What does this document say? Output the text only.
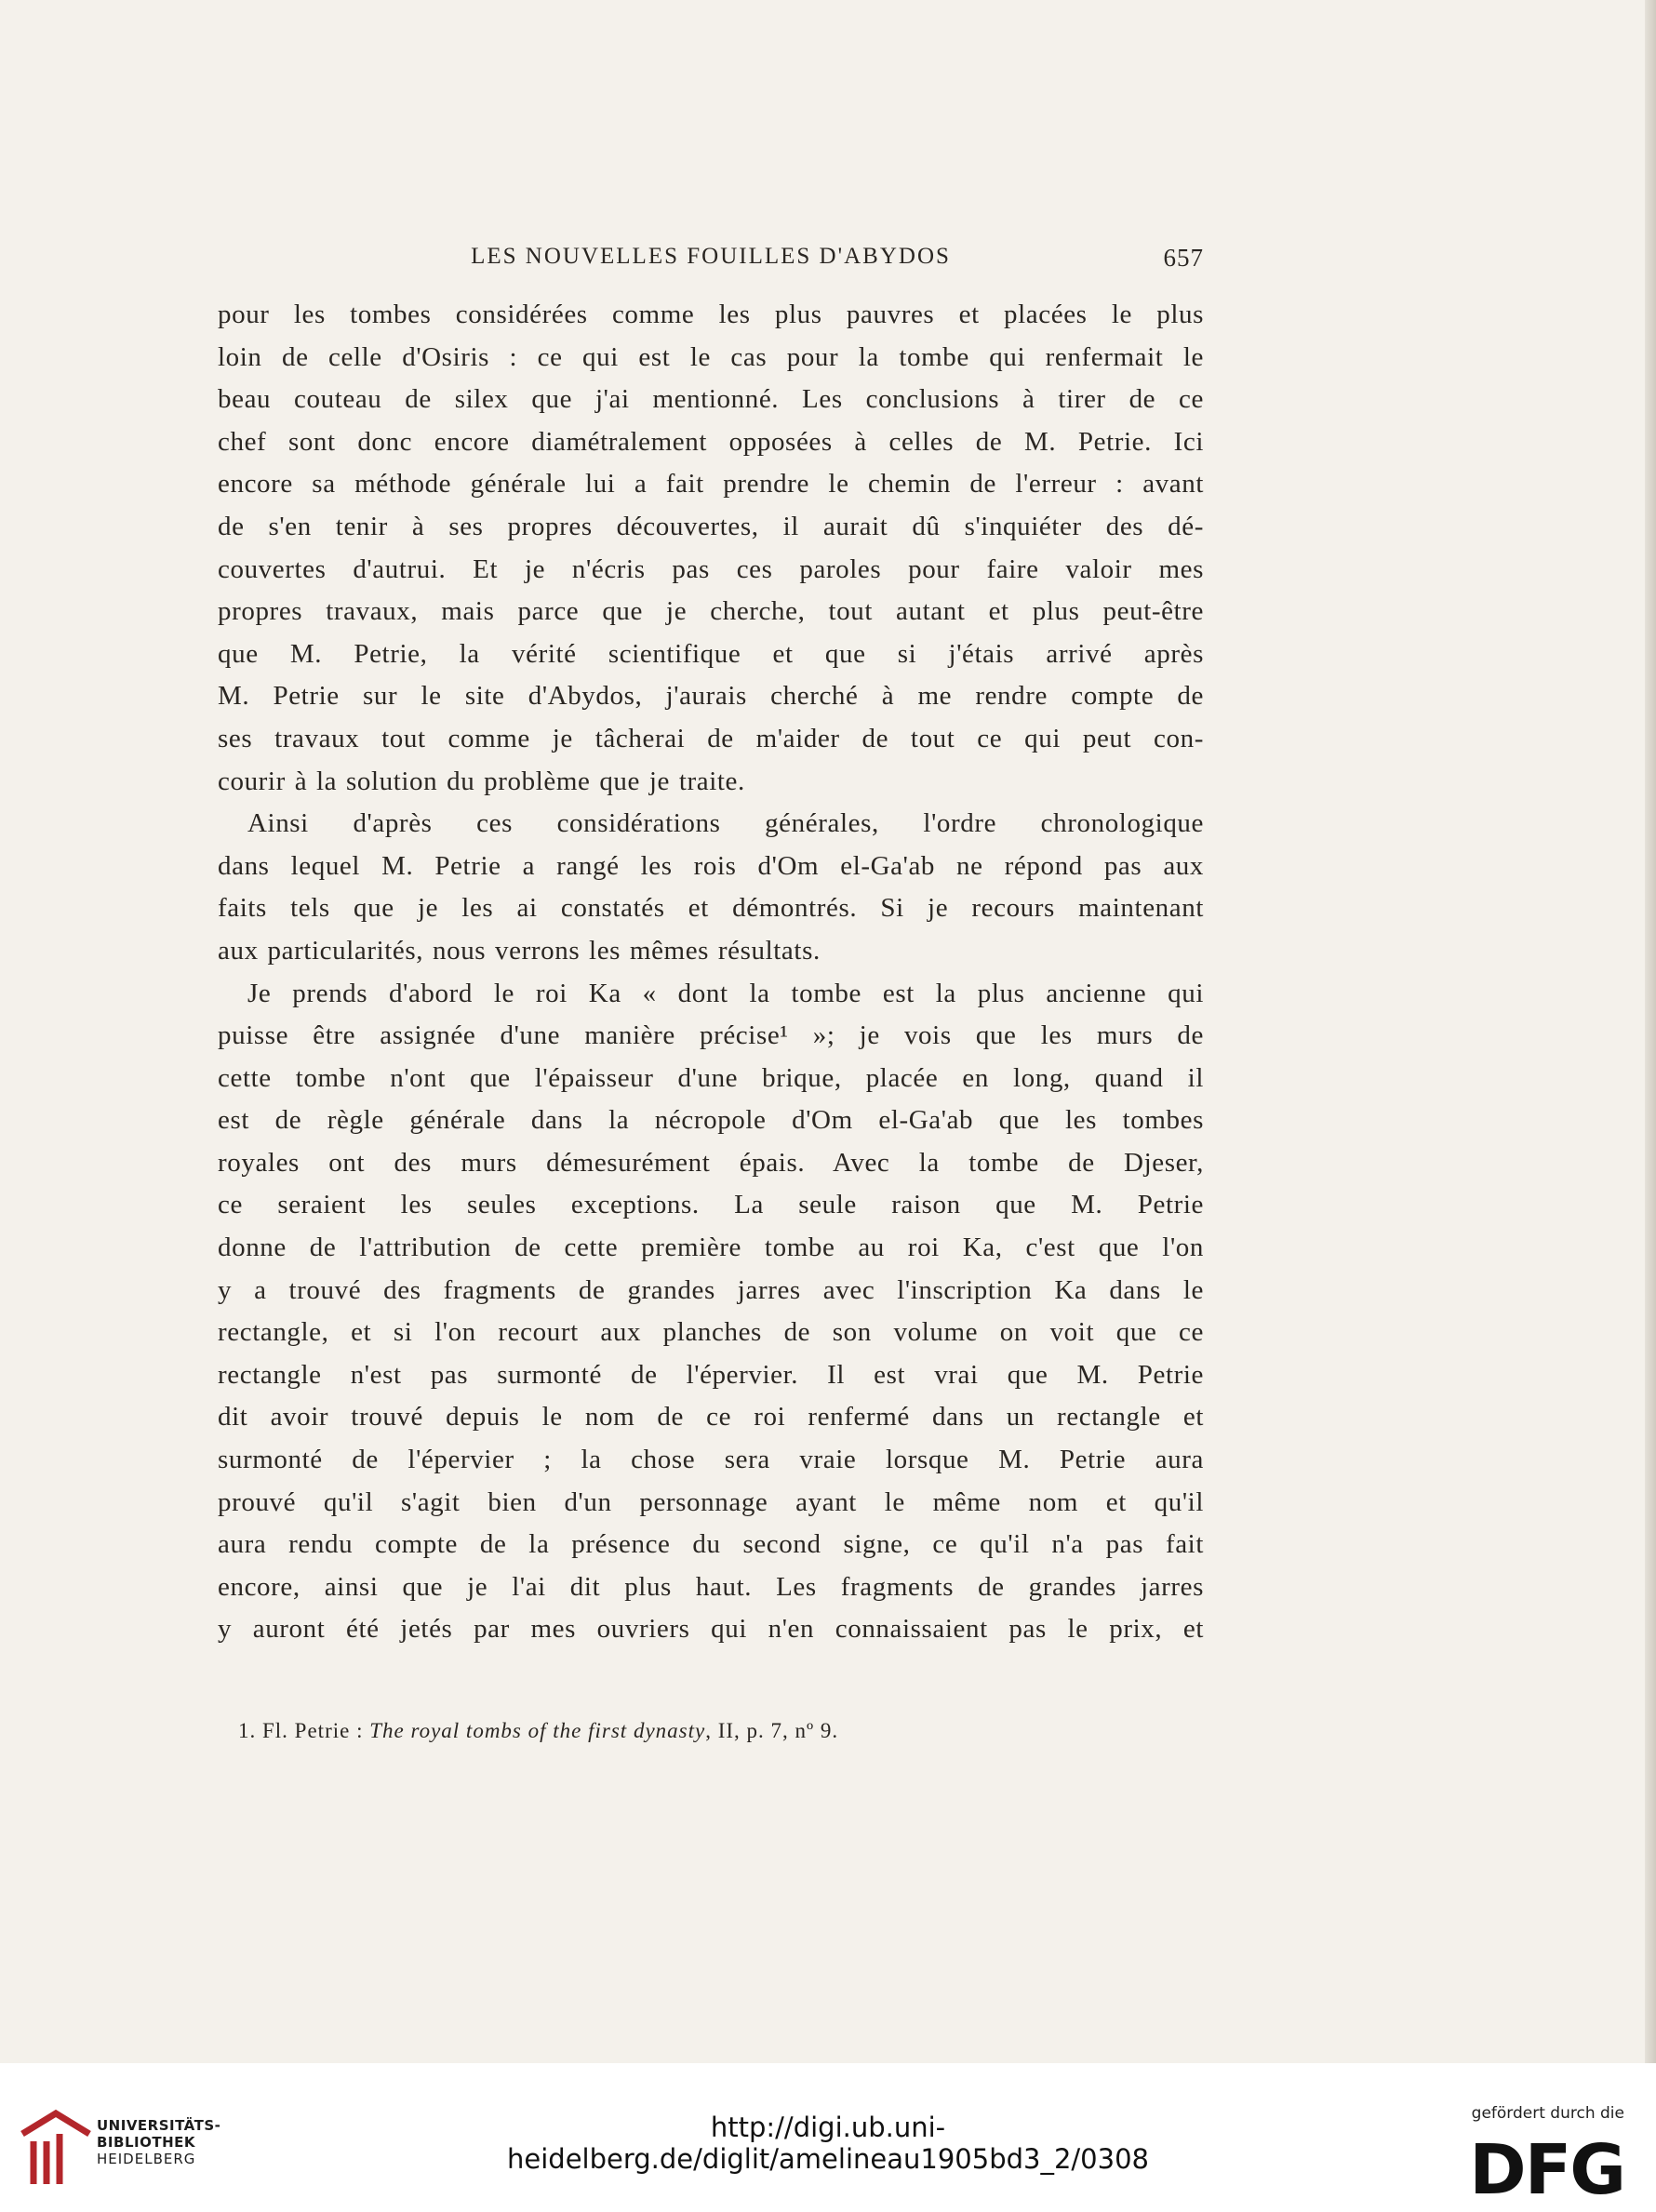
LES NOUVELLES FOUILLES D'ABYDOS	657
pour les tombes considérées comme les plus pauvres et placées le plus
loin de celle d'Osiris : ce qui est le cas pour la tombe qui renfermait le
beau couteau de silex que j'ai mentionné. Les conclusions à tirer de ce
chef sont donc encore diamétralement opposées à celles de M. Petrie. Ici
encore sa méthode générale lui a fait prendre le chemin de l'erreur : avant
de s'en tenir à ses propres découvertes, il aurait dû s'inquiéter des dé-
couvertes d'autrui. Et je n'écris pas ces paroles pour faire valoir mes
propres travaux, mais parce que je cherche, tout autant et plus peut-être
que M. Petrie, la vérité scientifique et que si j'étais arrivé après
M. Petrie sur le site d'Abydos, j'aurais cherché à me rendre compte de
ses travaux tout comme je tâcherai de m'aider de tout ce qui peut con-
courir à la solution du problème que je traite.
Ainsi d'après ces considérations générales, l'ordre chronologique
dans lequel M. Petrie a rangé les rois d'Om el-Ga'ab ne répond pas aux
faits tels que je les ai constatés et démontrés. Si je recours maintenant
aux particularités, nous verrons les mêmes résultats.
Je prends d'abord le roi Ka « dont la tombe est la plus ancienne qui
puisse être assignée d'une manière précise¹ »; je vois que les murs de
cette tombe n'ont que l'épaisseur d'une brique, placée en long, quand il
est de règle générale dans la nécropole d'Om el-Ga'ab que les tombes
royales ont des murs démesurément épais. Avec la tombe de Djeser,
ce seraient les seules exceptions. La seule raison que M. Petrie
donne de l'attribution de cette première tombe au roi Ka, c'est que l'on
y a trouvé des fragments de grandes jarres avec l'inscription Ka dans le
rectangle, et si l'on recourt aux planches de son volume on voit que ce
rectangle n'est pas surmonté de l'épervier. Il est vrai que M. Petrie
dit avoir trouvé depuis le nom de ce roi renfermé dans un rectangle et
surmonté de l'épervier ; la chose sera vraie lorsque M. Petrie aura
prouvé qu'il s'agit bien d'un personnage ayant le même nom et qu'il
aura rendu compte de la présence du second signe, ce qu'il n'a pas fait
encore, ainsi que je l'ai dit plus haut. Les fragments de grandes jarres
y auront été jetés par mes ouvriers qui n'en connaissaient pas le prix, et
1. Fl. Petrie : The royal tombs of the first dynasty, II, p. 7, nº 9.
UNIVERSITÄTS-
BIBLIOTHEK
HEIDELBERG
http://digi.ub.uni-heidelberg.de/diglit/amelineau1905bd3_2/0308
gefördert durch die
DFG
